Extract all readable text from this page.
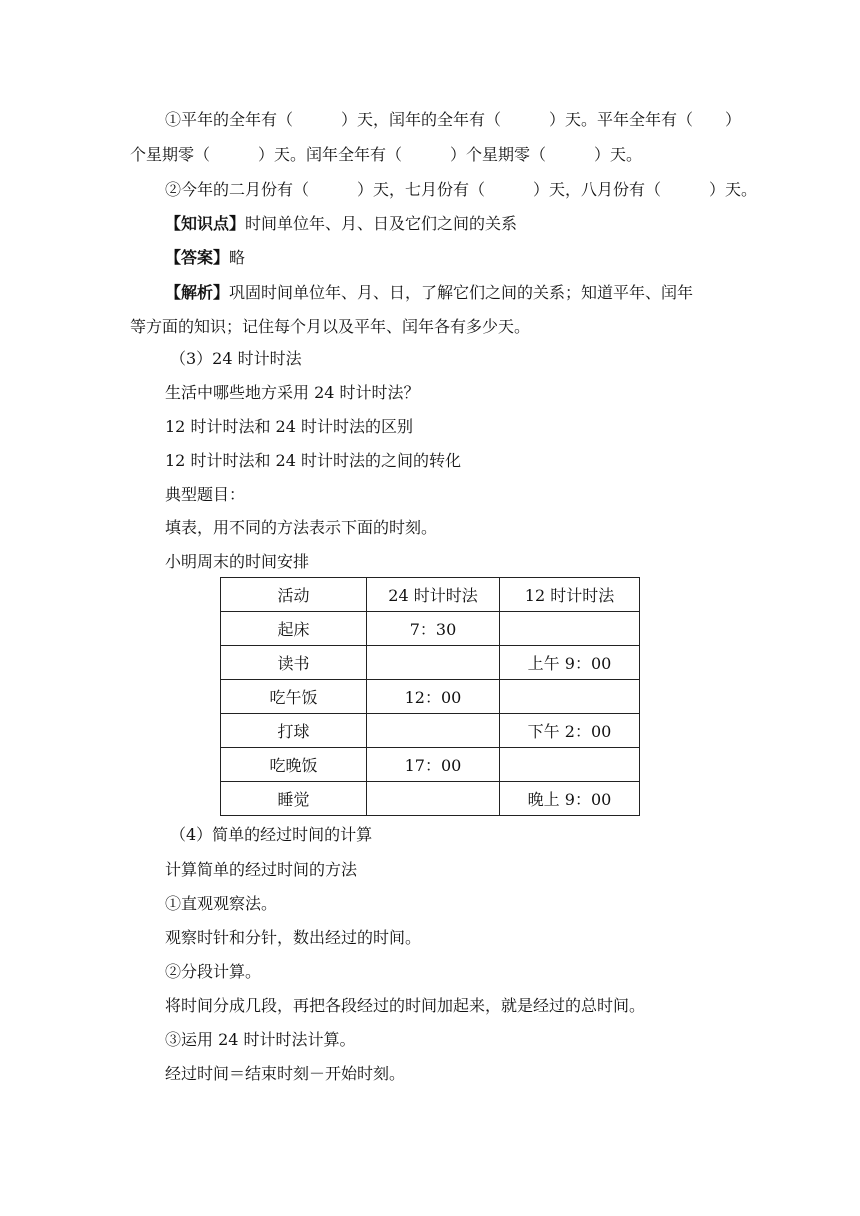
①平年的全年有（　　　）天，闰年的全年有（　　　）天。平年全年有（　　）
个星期零（　　　）天。闰年全年有（　　　）个星期零（　　　）天。
②今年的二月份有（　　　）天，七月份有（　　　）天，八月份有（　　　）天。
【知识点】时间单位年、月、日及它们之间的关系
【答案】略
【解析】巩固时间单位年、月、日，了解它们之间的关系；知道平年、闰年
等方面的知识；记住每个月以及平年、闰年各有多少天。
（3）24 时计时法
生活中哪些地方采用 24 时计时法？
12 时计时法和 24 时计时法的区别
12 时计时法和 24 时计时法的之间的转化
典型题目：
填表，用不同的方法表示下面的时刻。
小明周末的时间安排
活动	24 时计时法	12 时计时法
起床	7：30	
读书		上午 9：00
吃午饭	12：00	
打球		下午 2：00
吃晚饭	17：00	
睡觉		晚上 9：00
（4）简单的经过时间的计算
计算简单的经过时间的方法
①直观观察法。
观察时针和分针，数出经过的时间。
②分段计算。
将时间分成几段，再把各段经过的时间加起来，就是经过的总时间。
③运用 24 时计时法计算。
经过时间＝结束时刻－开始时刻。
